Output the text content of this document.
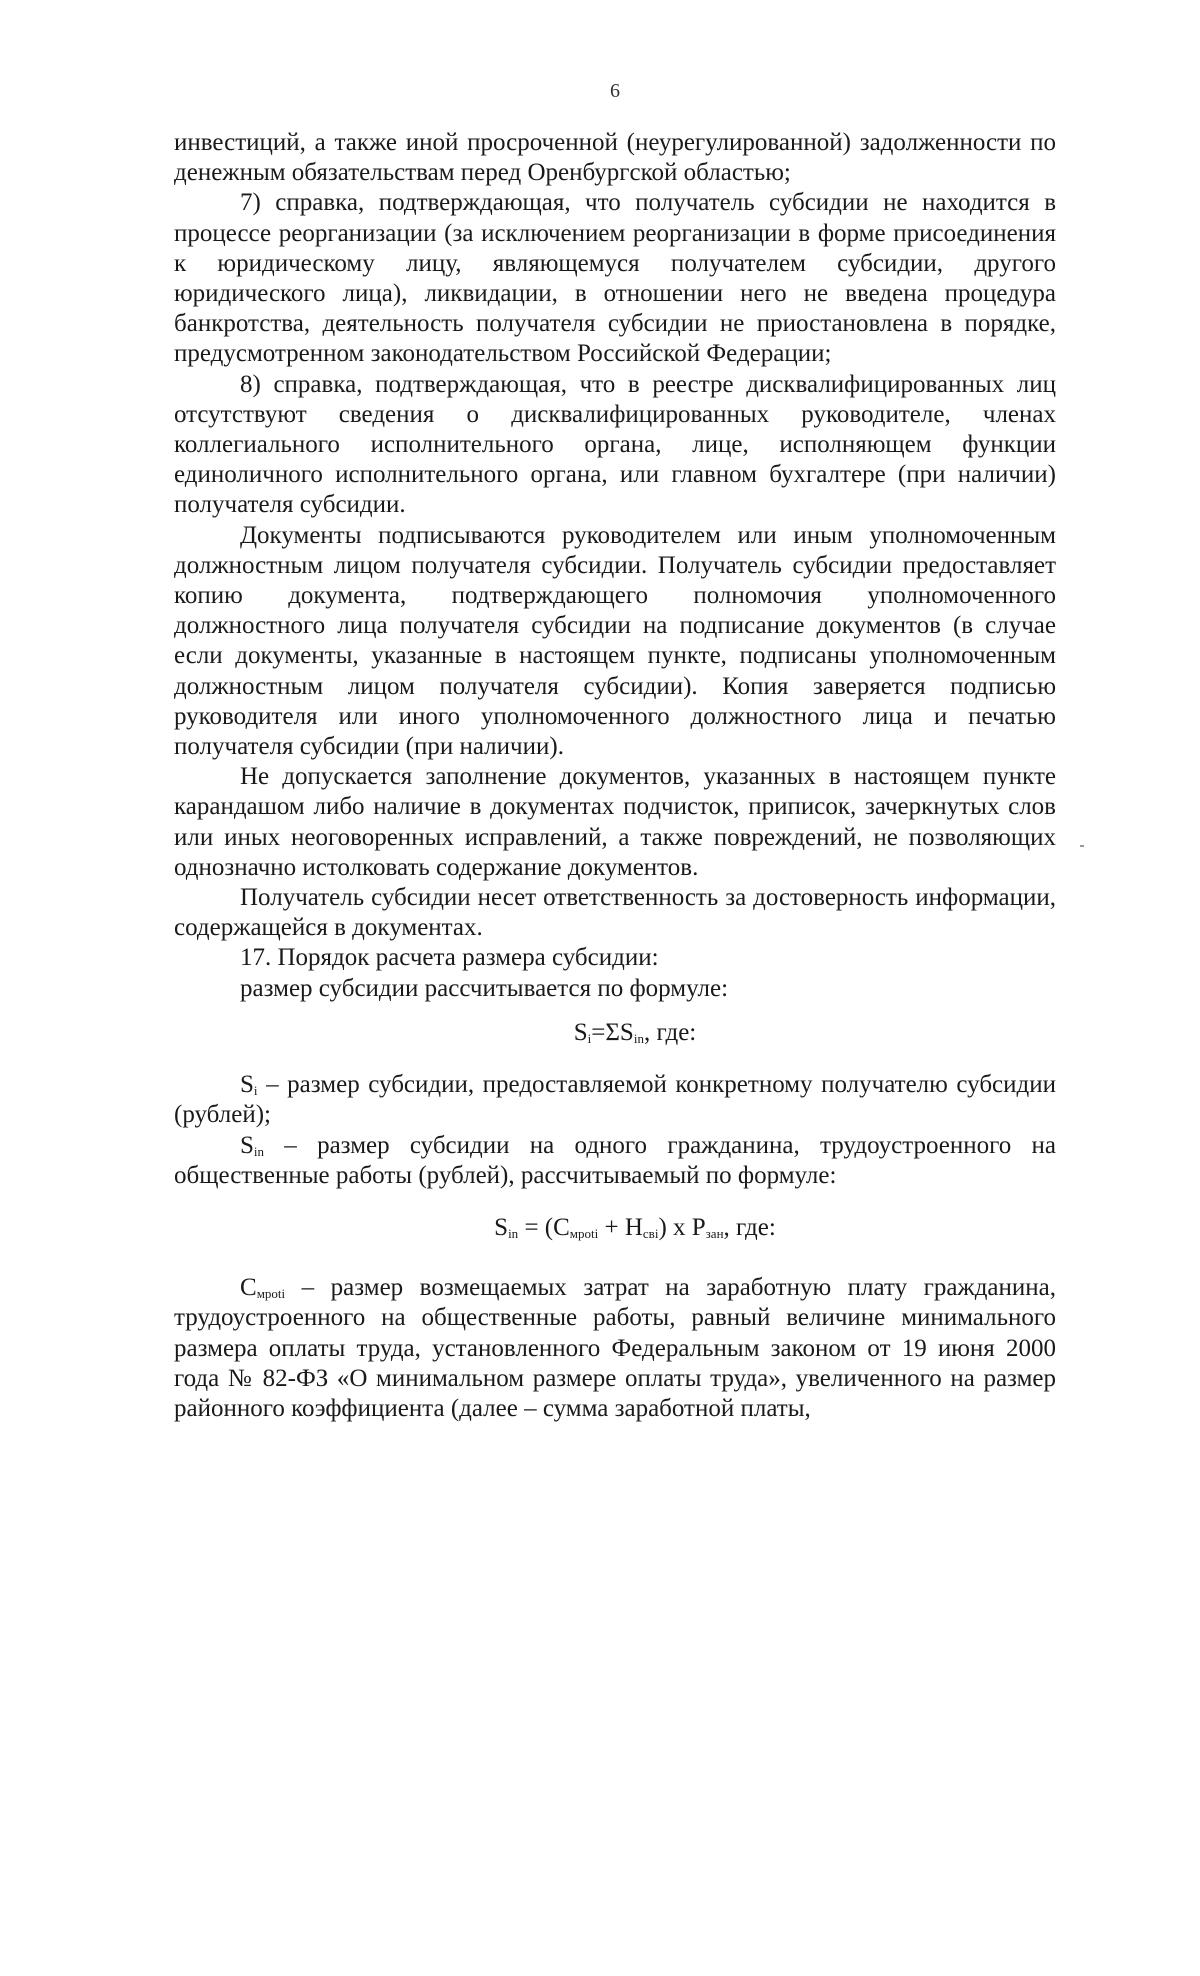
6

инвестиций, а также иной просроченной (неурегулированной) задолженности по денежным обязательствам перед Оренбургской областью;

7) справка, подтверждающая, что получатель субсидии не находится в процессе реорганизации (за исключением реорганизации в форме присоединения к юридическому лицу, являющемуся получателем субсидии, другого юридического лица), ликвидации, в отношении него не введена процедура банкротства, деятельность получателя субсидии не приостановлена в порядке, предусмотренном законодательством Российской Федерации;

8) справка, подтверждающая, что в реестре дисквалифицированных лиц отсутствуют сведения о дисквалифицированных руководителе, членах коллегиального исполнительного органа, лице, исполняющем функции единоличного исполнительного органа, или главном бухгалтере (при наличии) получателя субсидии.

Документы подписываются руководителем или иным уполномоченным должностным лицом получателя субсидии. Получатель субсидии предоставляет копию документа, подтверждающего полномочия уполномоченного должностного лица получателя субсидии на подписание документов (в случае если документы, указанные в настоящем пункте, подписаны уполномоченным должностным лицом получателя субсидии). Копия заверяется подписью руководителя или иного уполномоченного должностного лица и печатью получателя субсидии (при наличии).

Не допускается заполнение документов, указанных в настоящем пункте карандашом либо наличие в документах подчисток, приписок, зачеркнутых слов или иных неоговоренных исправлений, а также повреждений, не позволяющих однозначно истолковать содержание документов.

Получатель субсидии несет ответственность за достоверность информации, содержащейся в документах.

17. Порядок расчета размера субсидии:

размер субсидии рассчитывается по формуле:

$S_i=\Sigma S_{in}$, где:

$S_i$ – размер субсидии, предоставляемой конкретному получателю субсидии (рублей);

$S_{in}$ – размер субсидии на одного гражданина, трудоустроенного на общественные работы (рублей), рассчитываемый по формуле:

$S_{in} = (С_{мроti} + Н_{свi})$ х $Р_{зан}$, где:

$С_{мроti}$ – размер возмещаемых затрат на заработную плату гражданина, трудоустроенного на общественные работы, равный величине минимального размера оплаты труда, установленного Федеральным законом от 19 июня 2000 года № 82-ФЗ «О минимальном размере оплаты труда», увеличенного на размер районного коэффициента (далее – сумма заработной платы,
